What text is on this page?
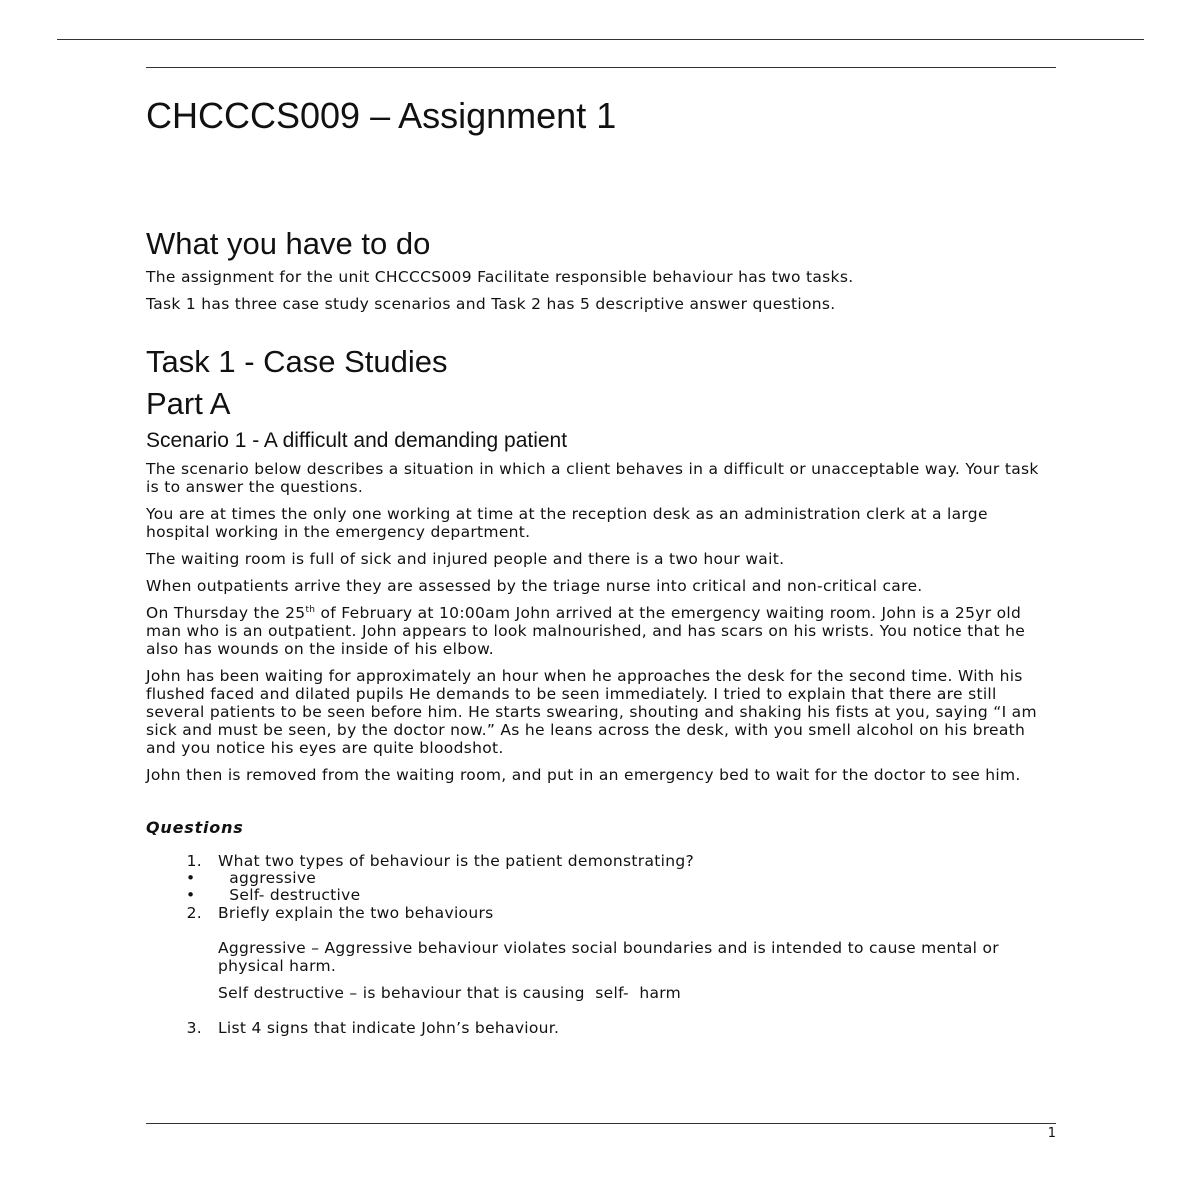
CHCCCS009 – Assignment 1
What you have to do

The assignment for the unit CHCCCS009 Facilitate responsible behaviour has two tasks.

Task 1 has three case study scenarios and Task 2 has 5 descriptive answer questions.

Task 1 - Case Studies
Part A
Scenario 1 - A difficult and demanding patient

The scenario below describes a situation in which a client behaves in a difficult or unacceptable way. Your task is to answer the questions.

You are at times the only one working at time at the reception desk as an administration clerk at a large hospital working in the emergency department.

The waiting room is full of sick and injured people and there is a two hour wait.

When outpatients arrive they are assessed by the triage nurse into critical and non-critical care.

On Thursday the 25th of February at 10:00am John arrived at the emergency waiting room. John is a 25yr old man who is an outpatient. John appears to look malnourished, and has scars on his wrists. You notice that he also has wounds on the inside of his elbow.

John has been waiting for approximately an hour when he approaches the desk for the second time. With his flushed faced and dilated pupils He demands to be seen immediately. I tried to explain that there are still several patients to be seen before him. He starts swearing, shouting and shaking his fists at you, saying “I am sick and must be seen, by the doctor now.” As he leans across the desk, with you smell alcohol on his breath and you notice his eyes are quite bloodshot.

John then is removed from the waiting room, and put in an emergency bed to wait for the doctor to see him.

Questions
1.	What two types of behaviour is the patient demonstrating?
•	aggressive
•	Self- destructive
2.	Briefly explain the two behaviours

Aggressive – Aggressive behaviour violates social boundaries and is intended to cause mental or physical harm.

Self destructive – is behaviour that is causing  self-  harm

3.	List 4 signs that indicate John’s behaviour.
1
